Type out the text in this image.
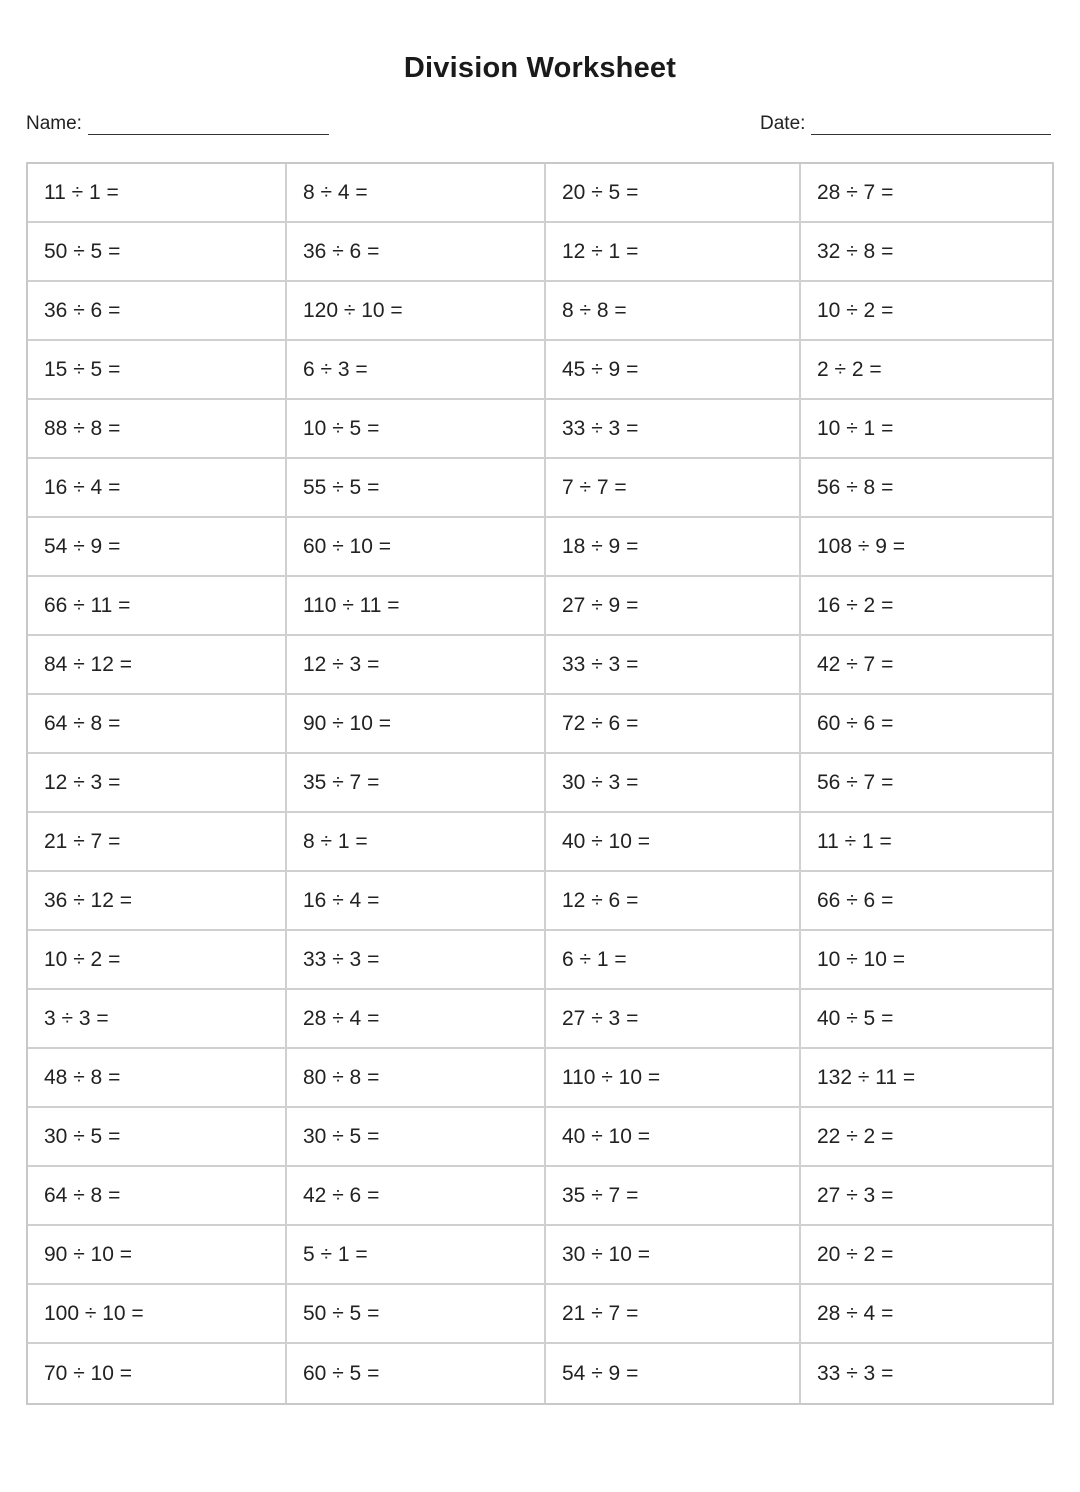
Division Worksheet
Name:	Date:
11 ÷ 1 =	8 ÷ 4 =	20 ÷ 5 =	28 ÷ 7 =
50 ÷ 5 =	36 ÷ 6 =	12 ÷ 1 =	32 ÷ 8 =
36 ÷ 6 =	120 ÷ 10 =	8 ÷ 8 =	10 ÷ 2 =
15 ÷ 5 =	6 ÷ 3 =	45 ÷ 9 =	2 ÷ 2 =
88 ÷ 8 =	10 ÷ 5 =	33 ÷ 3 =	10 ÷ 1 =
16 ÷ 4 =	55 ÷ 5 =	7 ÷ 7 =	56 ÷ 8 =
54 ÷ 9 =	60 ÷ 10 =	18 ÷ 9 =	108 ÷ 9 =
66 ÷ 11 =	110 ÷ 11 =	27 ÷ 9 =	16 ÷ 2 =
84 ÷ 12 =	12 ÷ 3 =	33 ÷ 3 =	42 ÷ 7 =
64 ÷ 8 =	90 ÷ 10 =	72 ÷ 6 =	60 ÷ 6 =
12 ÷ 3 =	35 ÷ 7 =	30 ÷ 3 =	56 ÷ 7 =
21 ÷ 7 =	8 ÷ 1 =	40 ÷ 10 =	11 ÷ 1 =
36 ÷ 12 =	16 ÷ 4 =	12 ÷ 6 =	66 ÷ 6 =
10 ÷ 2 =	33 ÷ 3 =	6 ÷ 1 =	10 ÷ 10 =
3 ÷ 3 =	28 ÷ 4 =	27 ÷ 3 =	40 ÷ 5 =
48 ÷ 8 =	80 ÷ 8 =	110 ÷ 10 =	132 ÷ 11 =
30 ÷ 5 =	30 ÷ 5 =	40 ÷ 10 =	22 ÷ 2 =
64 ÷ 8 =	42 ÷ 6 =	35 ÷ 7 =	27 ÷ 3 =
90 ÷ 10 =	5 ÷ 1 =	30 ÷ 10 =	20 ÷ 2 =
100 ÷ 10 =	50 ÷ 5 =	21 ÷ 7 =	28 ÷ 4 =
70 ÷ 10 =	60 ÷ 5 =	54 ÷ 9 =	33 ÷ 3 =
